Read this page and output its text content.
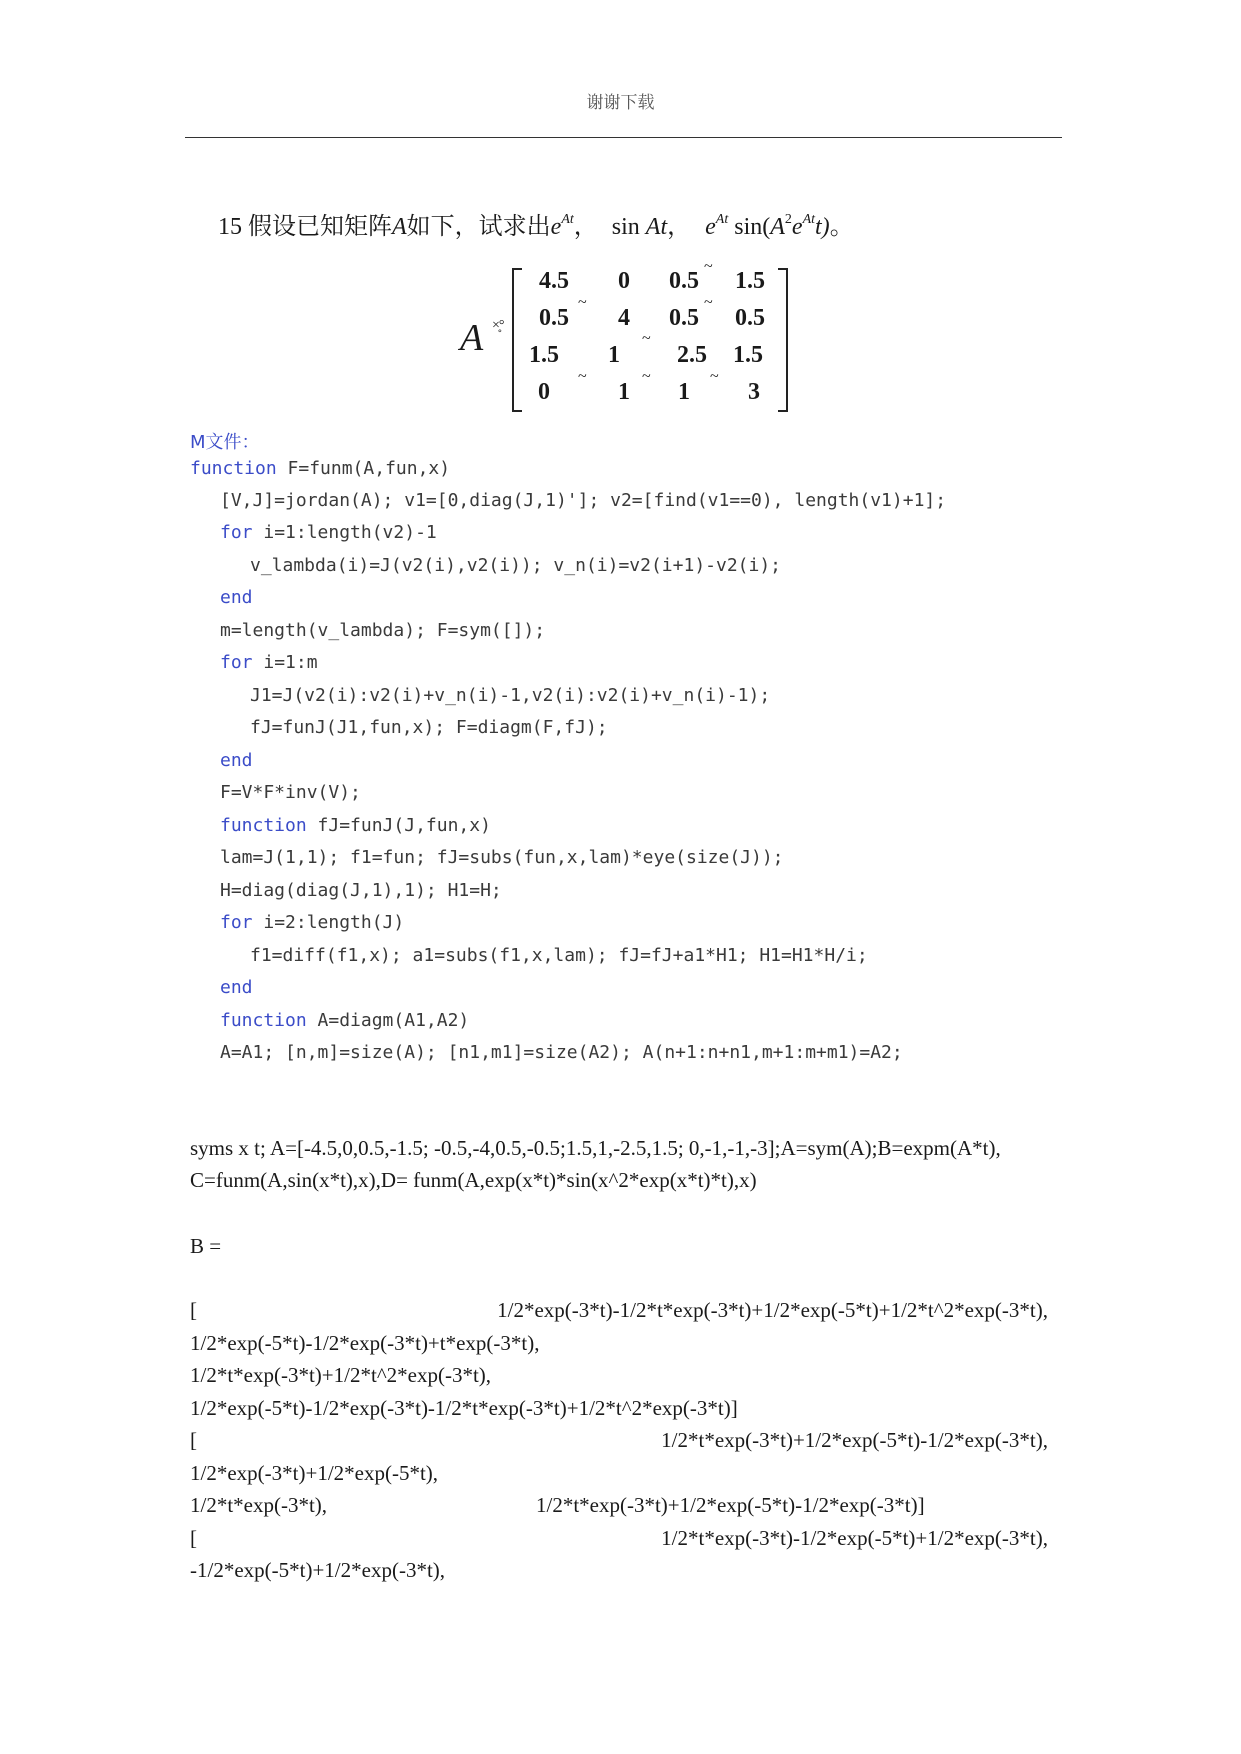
谢谢下载
15 假设已知矩阵A如下，试求出$e^{At}$， sin At， $e^{At}$ $\sin(A^2e^{At}t)$。
A ×̥°
4.5	0	0.5	1.5
0.5	4	0.5	0.5
1.5	1	2.5	1.5
0	1	1	3
~
~	~
~
~	~	~
M文件：
function F=funm(A,fun,x)
[V,J]=jordan(A); v1=[0,diag(J,1)']; v2=[find(v1==0), length(v1)+1];
for i=1:length(v2)-1
v_lambda(i)=J(v2(i),v2(i)); v_n(i)=v2(i+1)-v2(i);
end
m=length(v_lambda); F=sym([]);
for i=1:m
J1=J(v2(i):v2(i)+v_n(i)-1,v2(i):v2(i)+v_n(i)-1);
fJ=funJ(J1,fun,x); F=diagm(F,fJ);
end
F=V*F*inv(V);
function fJ=funJ(J,fun,x)
lam=J(1,1); f1=fun; fJ=subs(fun,x,lam)*eye(size(J));
H=diag(diag(J,1),1); H1=H;
for i=2:length(J)
f1=diff(f1,x); a1=subs(f1,x,lam); fJ=fJ+a1*H1; H1=H1*H/i;
end
function A=diagm(A1,A2)
A=A1; [n,m]=size(A); [n1,m1]=size(A2); A(n+1:n+n1,m+1:m+m1)=A2;
syms x t; A=[-4.5,0,0.5,-1.5; -0.5,-4,0.5,-0.5;1.5,1,-2.5,1.5; 0,-1,-1,-3];A=sym(A);B=expm(A*t),
C=funm(A,sin(x*t),x),D= funm(A,exp(x*t)*sin(x^2*exp(x*t)*t),x)
B =
[	1/2*exp(-3*t)-1/2*t*exp(-3*t)+1/2*exp(-5*t)+1/2*t^2*exp(-3*t),
1/2*exp(-5*t)-1/2*exp(-3*t)+t*exp(-3*t),
1/2*t*exp(-3*t)+1/2*t^2*exp(-3*t),
1/2*exp(-5*t)-1/2*exp(-3*t)-1/2*t*exp(-3*t)+1/2*t^2*exp(-3*t)]
[	1/2*t*exp(-3*t)+1/2*exp(-5*t)-1/2*exp(-3*t),
1/2*exp(-3*t)+1/2*exp(-5*t),
1/2*t*exp(-3*t),	1/2*t*exp(-3*t)+1/2*exp(-5*t)-1/2*exp(-3*t)]
[	1/2*t*exp(-3*t)-1/2*exp(-5*t)+1/2*exp(-3*t),
-1/2*exp(-5*t)+1/2*exp(-3*t),
